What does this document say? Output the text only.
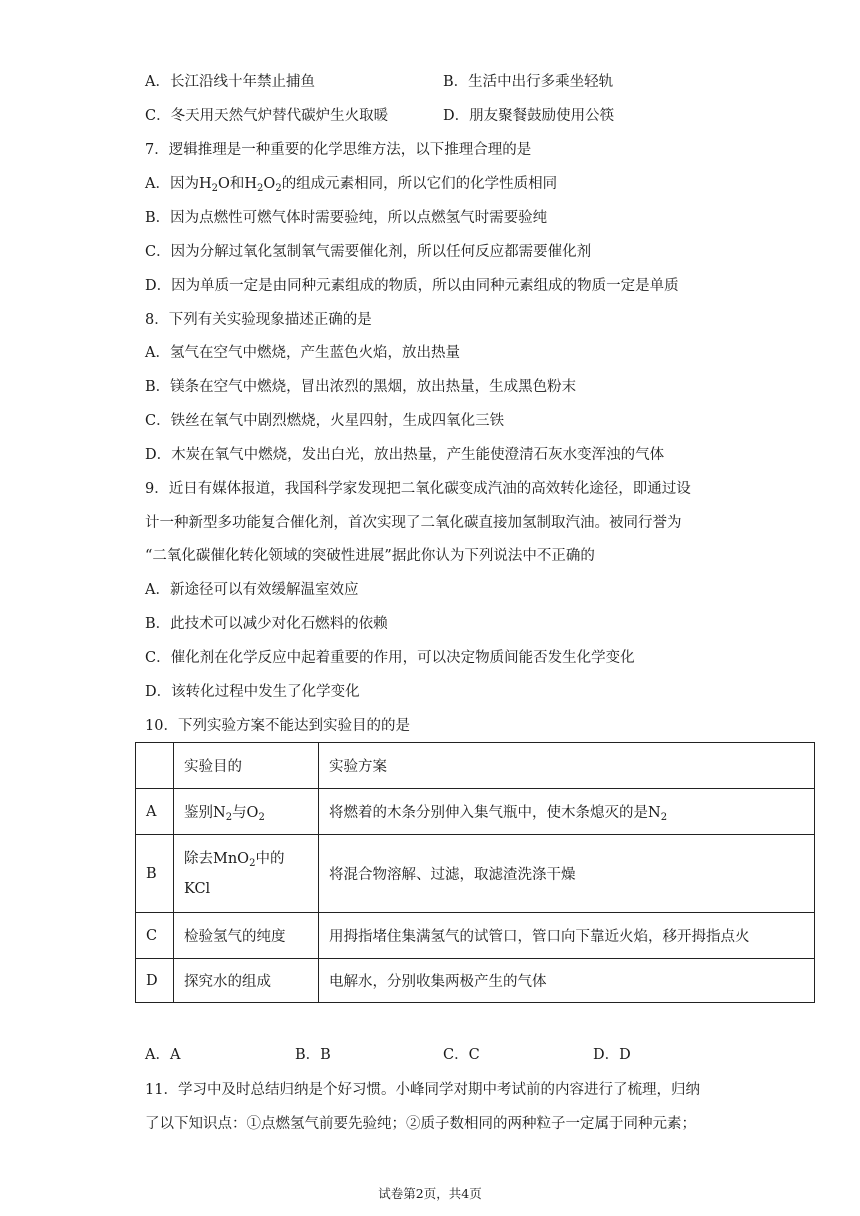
A．长江沿线十年禁止捕鱼	B．生活中出行多乘坐轻轨
C．冬天用天然气炉替代碳炉生火取暖	D．朋友聚餐鼓励使用公筷
7．逻辑推理是一种重要的化学思维方法，以下推理合理的是
A．因为$H_2O$和$H_2O_2$的组成元素相同，所以它们的化学性质相同
B．因为点燃性可燃气体时需要验纯，所以点燃氢气时需要验纯
C．因为分解过氧化氢制氧气需要催化剂，所以任何反应都需要催化剂
D．因为单质一定是由同种元素组成的物质，所以由同种元素组成的物质一定是单质
8．下列有关实验现象描述正确的是
A．氢气在空气中燃烧，产生蓝色火焰，放出热量
B．镁条在空气中燃烧，冒出浓烈的黑烟，放出热量，生成黑色粉末
C．铁丝在氧气中剧烈燃烧，火星四射，生成四氧化三铁
D．木炭在氧气中燃烧，发出白光，放出热量，产生能使澄清石灰水变浑浊的气体
9．近日有媒体报道，我国科学家发现把二氧化碳变成汽油的高效转化途径，即通过设
计一种新型多功能复合催化剂，首次实现了二氧化碳直接加氢制取汽油。被同行誉为
“二氧化碳催化转化领域的突破性进展”据此你认为下列说法中不正确的
A．新途径可以有效缓解温室效应
B．此技术可以减少对化石燃料的依赖
C．催化剂在化学反应中起着重要的作用，可以决定物质间能否发生化学变化
D．该转化过程中发生了化学变化
10．下列实验方案不能达到实验目的的是
	实验目的	实验方案
A	鉴别$N_2$与$O_2$	将燃着的木条分别伸入集气瓶中，使木条熄灭的是$N_2$
B	除去MnO$_2$中的
KCl	将混合物溶解、过滤，取滤渣洗涤干燥
C	检验氢气的纯度	用拇指堵住集满氢气的试管口，管口向下靠近火焰，移开拇指点火
D	探究水的组成	电解水，分别收集两极产生的气体
A．A	B．B	C．C	D．D
11．学习中及时总结归纳是个好习惯。小峰同学对期中考试前的内容进行了梳理，归纳
了以下知识点：①点燃氢气前要先验纯；②质子数相同的两种粒子一定属于同种元素；
试卷第2页，共4页
